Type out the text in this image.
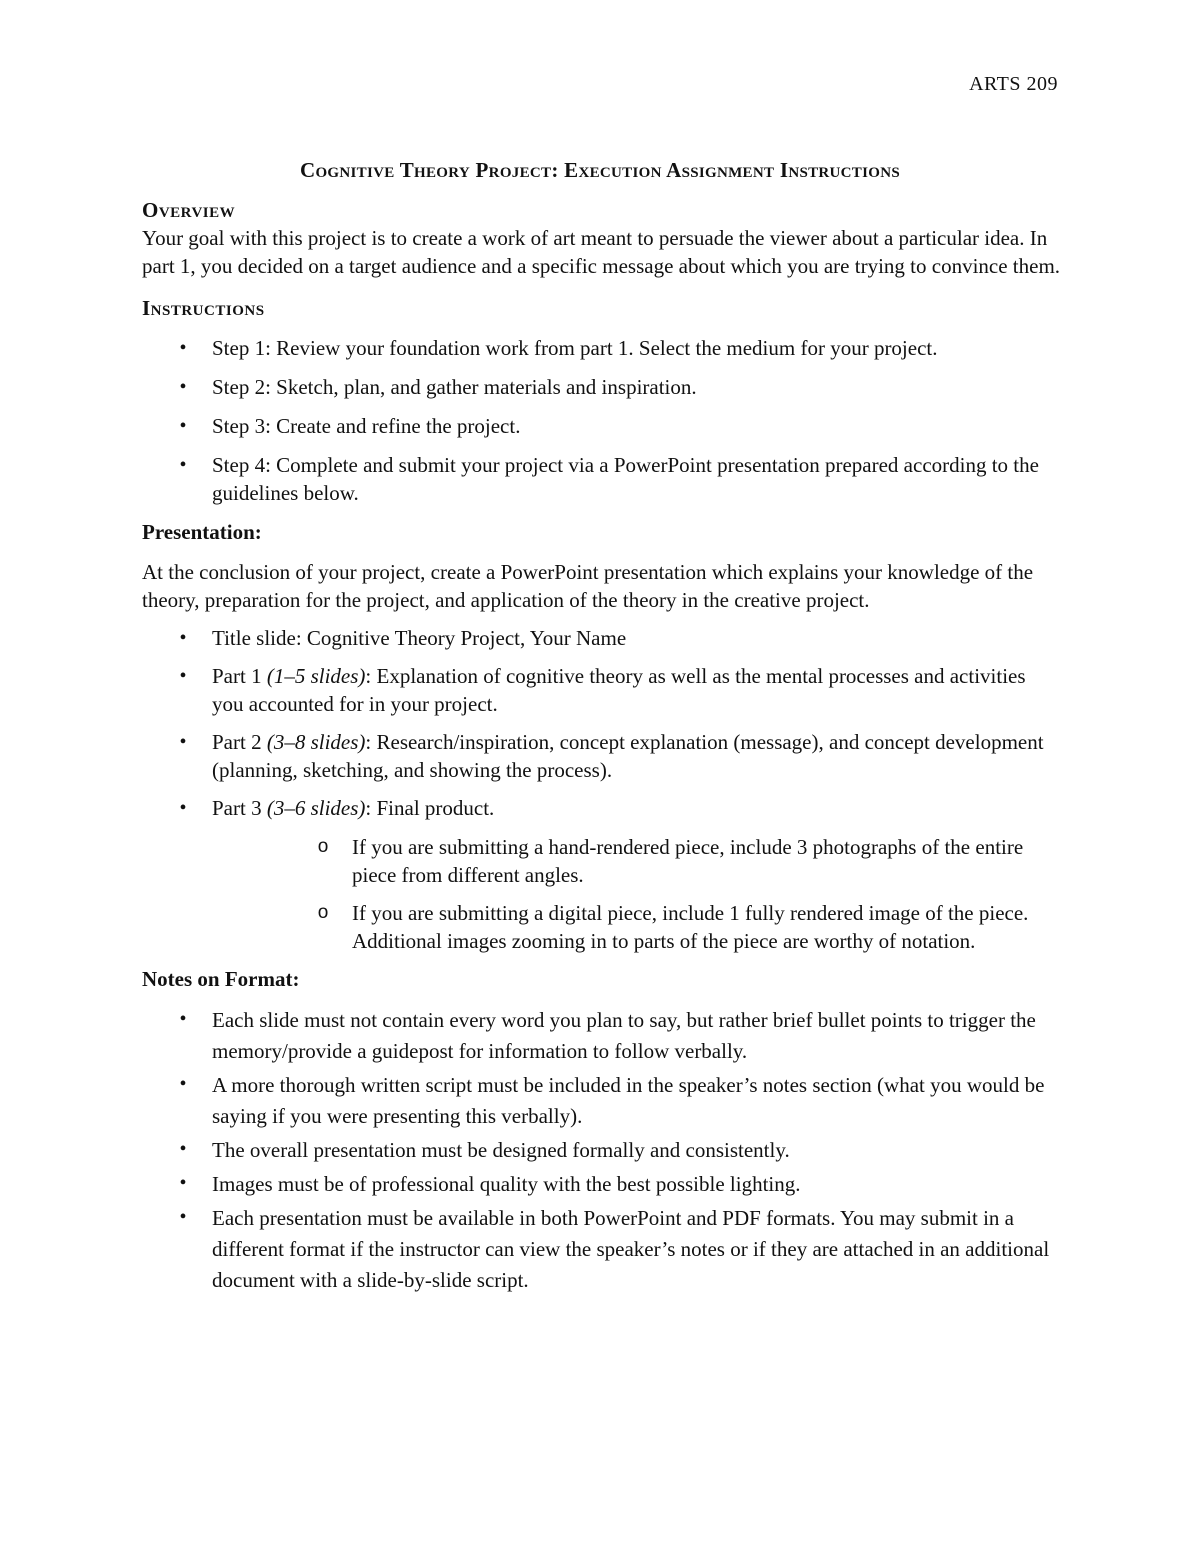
ARTS 209
Cognitive Theory Project: Execution Assignment Instructions
Overview

Your goal with this project is to create a work of art meant to persuade the viewer about a particular idea. In part 1, you decided on a target audience and a specific message about which you are trying to convince them.

Instructions
• Step 1: Review your foundation work from part 1. Select the medium for your project.
• Step 2: Sketch, plan, and gather materials and inspiration.
• Step 3: Create and refine the project.
• Step 4: Complete and submit your project via a PowerPoint presentation prepared according to the guidelines below.
Presentation:

At the conclusion of your project, create a PowerPoint presentation which explains your knowledge of the theory, preparation for the project, and application of the theory in the creative project.

• Title slide: Cognitive Theory Project, Your Name
• Part 1 (1–5 slides): Explanation of cognitive theory as well as the mental processes and activities you accounted for in your project.
• Part 2 (3–8 slides): Research/inspiration, concept explanation (message), and concept development (planning, sketching, and showing the process).
• Part 3 (3–6 slides): Final product.
o If you are submitting a hand-rendered piece, include 3 photographs of the entire piece from different angles.
o If you are submitting a digital piece, include 1 fully rendered image of the piece. Additional images zooming in to parts of the piece are worthy of notation.
Notes on Format:
• Each slide must not contain every word you plan to say, but rather brief bullet points to trigger the memory/provide a guidepost for information to follow verbally.
• A more thorough written script must be included in the speaker’s notes section (what you would be saying if you were presenting this verbally).
• The overall presentation must be designed formally and consistently.
• Images must be of professional quality with the best possible lighting.
• Each presentation must be available in both PowerPoint and PDF formats. You may submit in a different format if the instructor can view the speaker’s notes or if they are attached in an additional document with a slide-by-slide script.
